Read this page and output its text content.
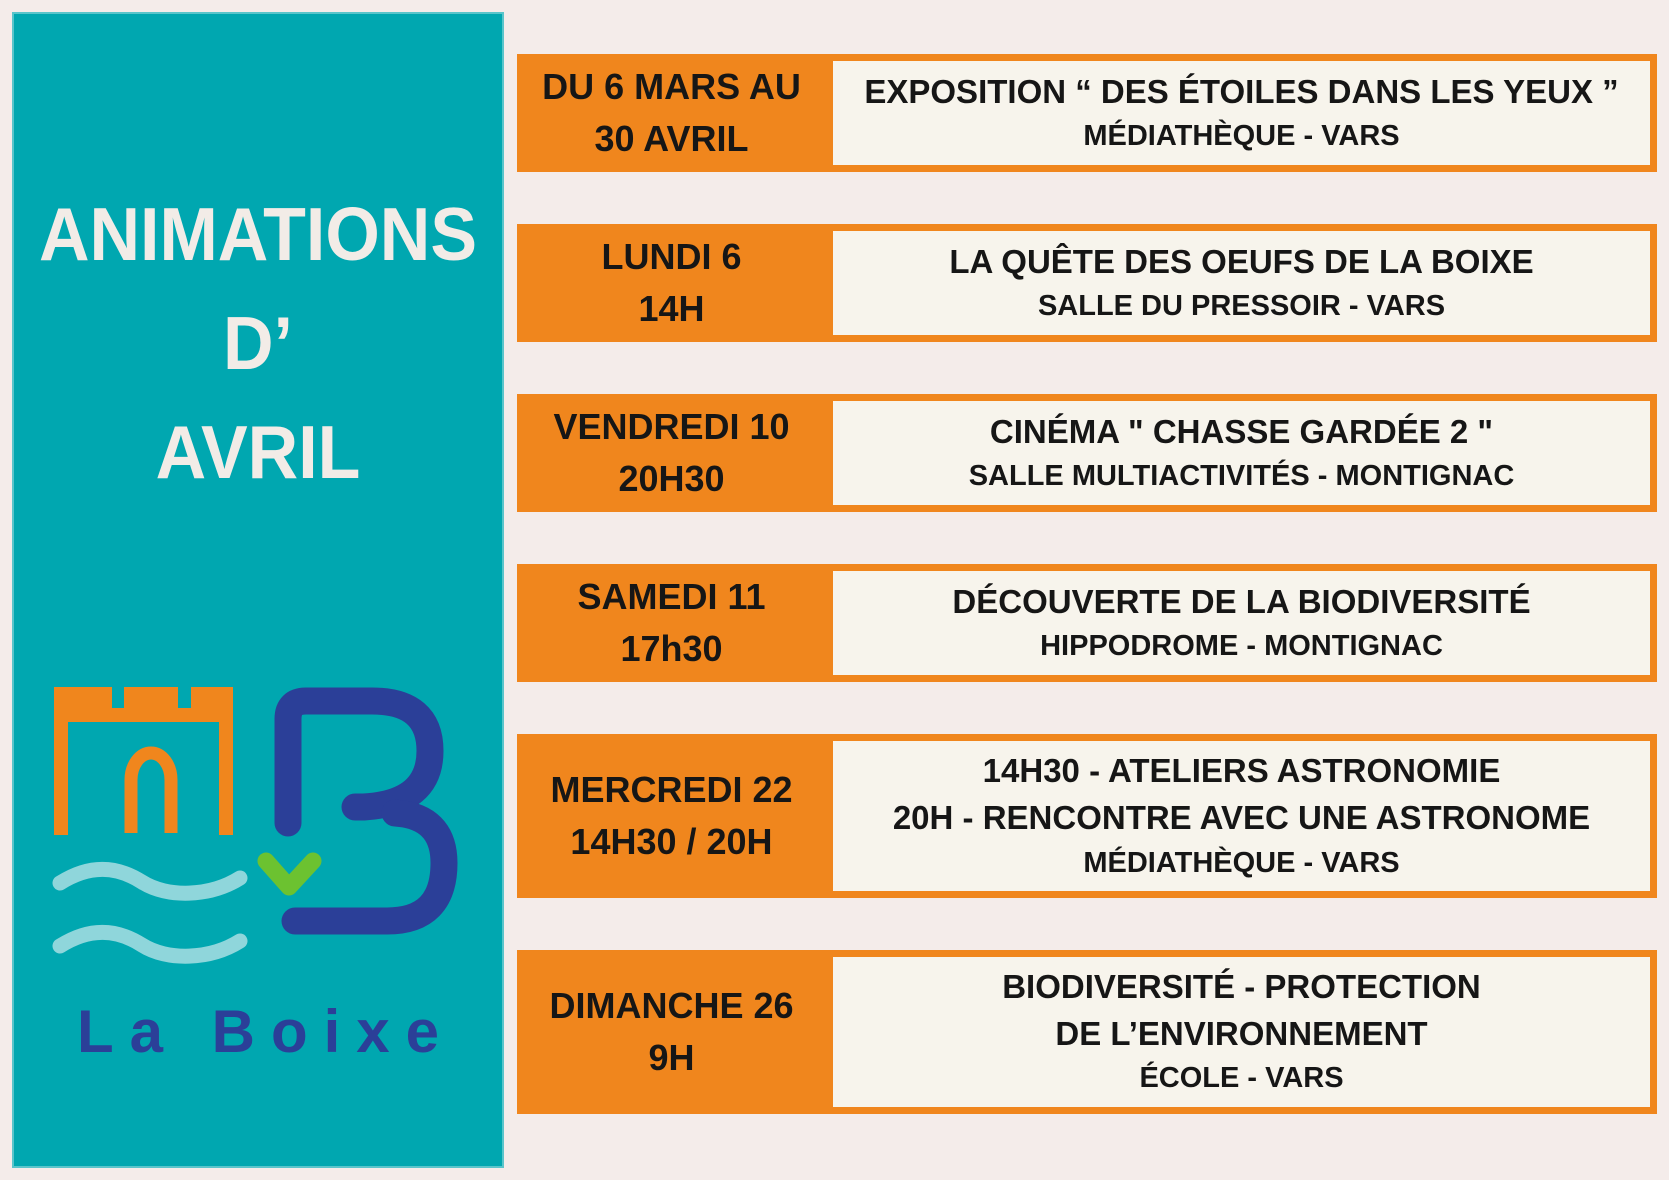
ANIMATIONS
D’
AVRIL
La Boixe
DU 6 MARS AU
30 AVRIL
EXPOSITION “ DES ÉTOILES DANS LES YEUX ”
MÉDIATHÈQUE - VARS
LUNDI 6
14H
LA QUÊTE DES OEUFS DE LA BOIXE
SALLE DU PRESSOIR - VARS
VENDREDI 10
20H30
CINÉMA " CHASSE GARDÉE 2 "
SALLE MULTIACTIVITÉS - MONTIGNAC
SAMEDI 11
17h30
DÉCOUVERTE DE LA BIODIVERSITÉ
HIPPODROME - MONTIGNAC
MERCREDI 22
14H30 / 20H
14H30 - ATELIERS ASTRONOMIE
20H - RENCONTRE AVEC UNE ASTRONOME
MÉDIATHÈQUE - VARS
DIMANCHE 26
9H
BIODIVERSITÉ - PROTECTION
DE L’ENVIRONNEMENT
ÉCOLE - VARS
